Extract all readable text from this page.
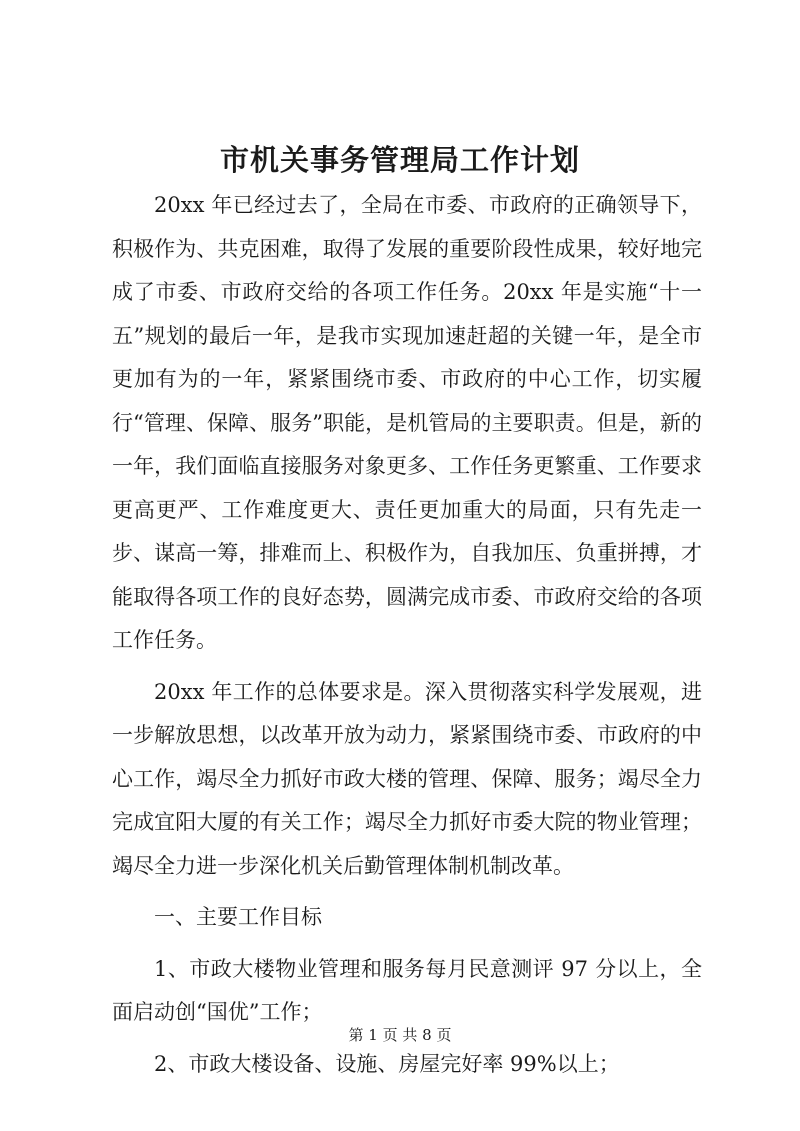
市机关事务管理局工作计划

20xx 年已经过去了，全局在市委、市政府的正确领导下，积极作为、共克困难，取得了发展的重要阶段性成果，较好地完成了市委、市政府交给的各项工作任务。20xx 年是实施“十一五”规划的最后一年，是我市实现加速赶超的关键一年，是全市更加有为的一年，紧紧围绕市委、市政府的中心工作，切实履行“管理、保障、服务”职能，是机管局的主要职责。但是，新的一年，我们面临直接服务对象更多、工作任务更繁重、工作要求更高更严、工作难度更大、责任更加重大的局面，只有先走一步、谋高一筹，排难而上、积极作为，自我加压、负重拼搏，才能取得各项工作的良好态势，圆满完成市委、市政府交给的各项工作任务。

20xx 年工作的总体要求是。深入贯彻落实科学发展观，进一步解放思想，以改革开放为动力，紧紧围绕市委、市政府的中心工作，竭尽全力抓好市政大楼的管理、保障、服务；竭尽全力完成宜阳大厦的有关工作；竭尽全力抓好市委大院的物业管理；竭尽全力进一步深化机关后勤管理体制机制改革。

一、主要工作目标

1、市政大楼物业管理和服务每月民意测评 97 分以上，全面启动创“国优”工作；

2、市政大楼设备、设施、房屋完好率 99%以上；

第 1 页 共 8 页
